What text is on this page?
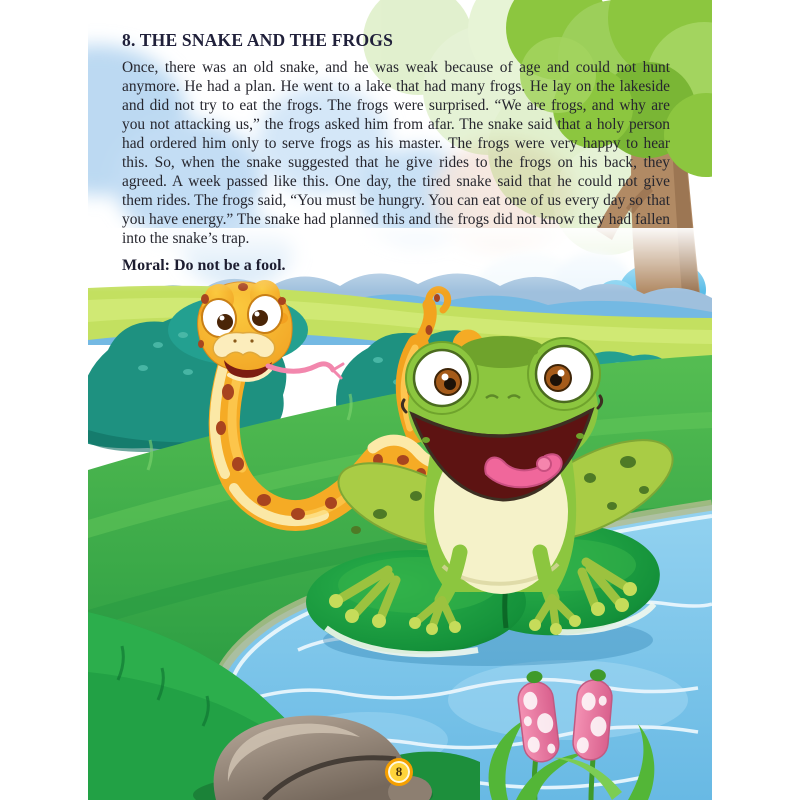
8. THE SNAKE AND THE FROGS

Once, there was an old snake, and he was weak because of age and could not hunt anymore. He had a plan. He went to a lake that had many frogs. He lay on the lakeside and did not try to eat the frogs. The frogs were surprised. “We are frogs, and why are you not attacking us,” the frogs asked him from afar. The snake said that a holy person had ordered him only to serve frogs as his master. The frogs were very happy to hear this. So, when the snake suggested that he give rides to the frogs on his back, they agreed. A week passed like this. One day, the tired snake said that he could not give them rides. The frogs said, “You must be hungry. You can eat one of us every day so that you have energy.” The snake had planned this and the frogs did not know they had fallen into the snake’s trap.

Moral: Do not be a fool.

8
